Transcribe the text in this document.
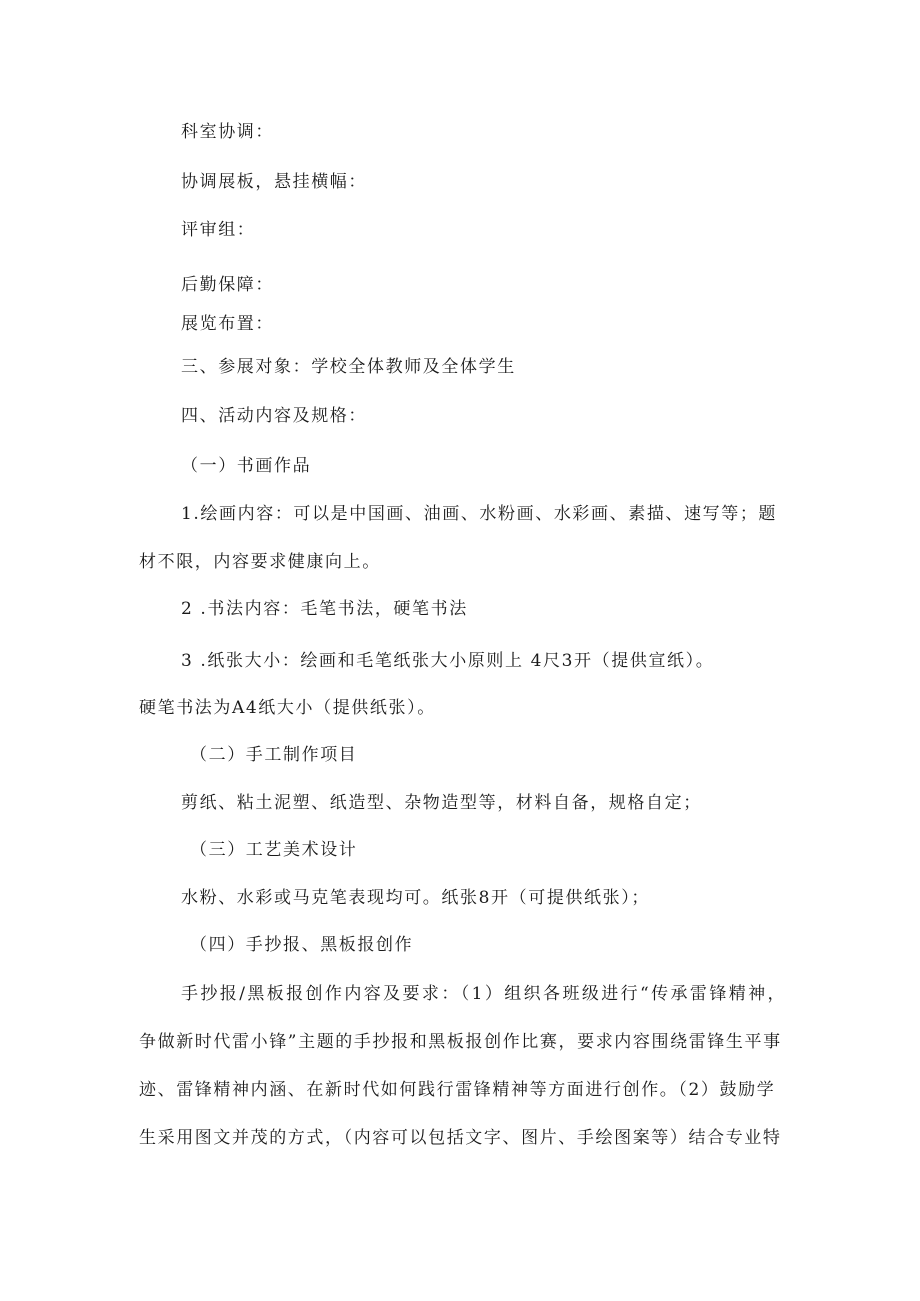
科室协调：
协调展板，悬挂横幅：
评审组：
后勤保障：
展览布置：
三、参展对象：学校全体教师及全体学生
四、活动内容及规格：
（一）书画作品
1.绘画内容：可以是中国画、油画、水粉画、水彩画、素描、速写等；题
材不限，内容要求健康向上。
2 .书法内容：毛笔书法，硬笔书法
3 .纸张大小：绘画和毛笔纸张大小原则上 4尺3开（提供宣纸）。
硬笔书法为A4纸大小（提供纸张）。
（二）手工制作项目
剪纸、粘土泥塑、纸造型、杂物造型等，材料自备，规格自定；
（三）工艺美术设计
水粉、水彩或马克笔表现均可。纸张8开（可提供纸张）；
（四）手抄报、黑板报创作
手抄报/黑板报创作内容及要求：（1）组织各班级进行“传承雷锋精神，
争做新时代雷小锋”主题的手抄报和黑板报创作比赛，要求内容围绕雷锋生平事
迹、雷锋精神内涵、在新时代如何践行雷锋精神等方面进行创作。（2）鼓励学
生采用图文并茂的方式，（内容可以包括文字、图片、手绘图案等）结合专业特
